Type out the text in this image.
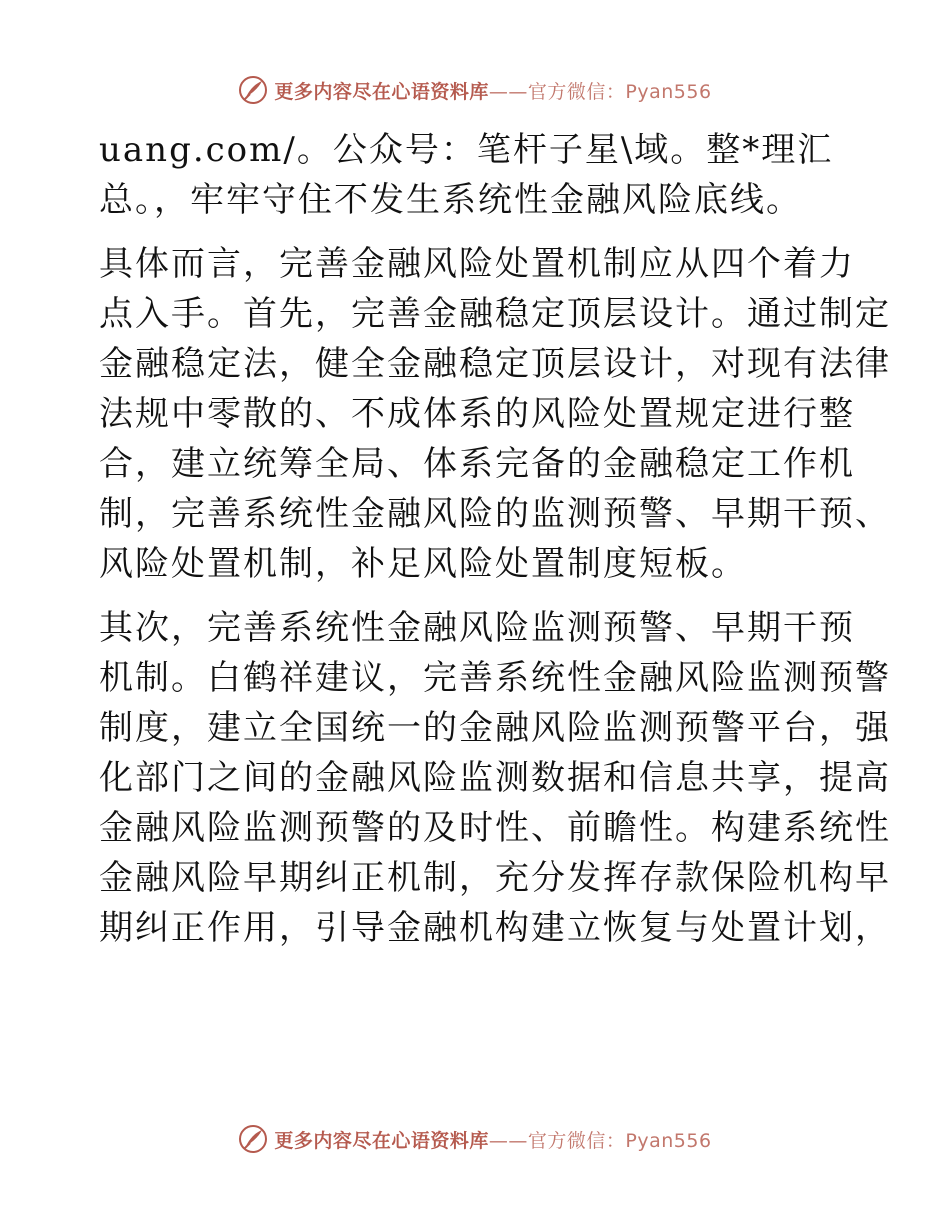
更多内容尽在心语资料库——官方微信：Pyan556

uang.com/。公众号：笔杆子星\域。整*理汇

总。，牢牢守住不发生系统性金融风险底线。

具体而言，完善金融风险处置机制应从四个着力

点入手。首先，完善金融稳定顶层设计。通过制定

金融稳定法，健全金融稳定顶层设计，对现有法律

法规中零散的、不成体系的风险处置规定进行整

合，建立统筹全局、体系完备的金融稳定工作机

制，完善系统性金融风险的监测预警、早期干预、

风险处置机制，补足风险处置制度短板。

其次，完善系统性金融风险监测预警、早期干预

机制。白鹤祥建议，完善系统性金融风险监测预警

制度，建立全国统一的金融风险监测预警平台，强

化部门之间的金融风险监测数据和信息共享，提高

金融风险监测预警的及时性、前瞻性。构建系统性

金融风险早期纠正机制，充分发挥存款保险机构早

期纠正作用，引导金融机构建立恢复与处置计划，

更多内容尽在心语资料库——官方微信：Pyan556
